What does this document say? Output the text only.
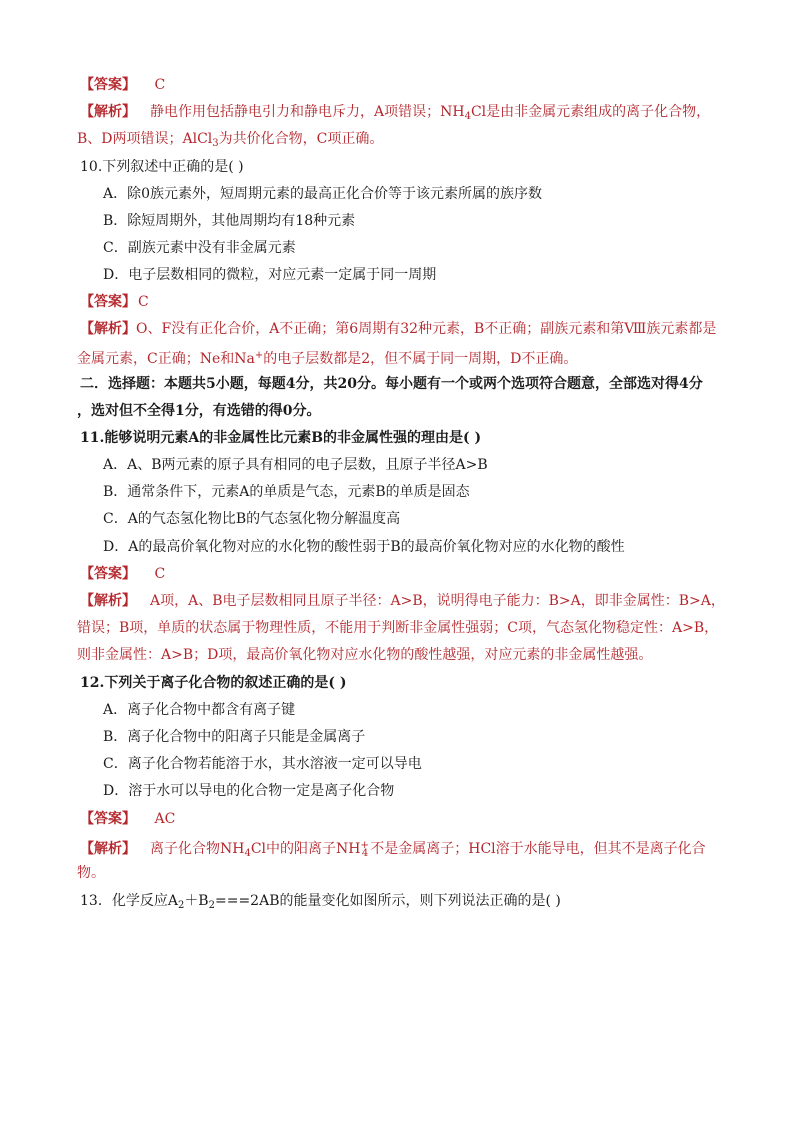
【答案】 C
【解析】 静电作用包括静电引力和静电斥力，A项错误；$NH_4Cl$是由非金属元素组成的离子化合物，
B、D两项错误；AlCl$_3$为共价化合物，C项正确。
10.下列叙述中正确的是( )
A．除0族元素外，短周期元素的最高正化合价等于该元素所属的族序数
B．除短周期外，其他周期均有18种元素
C．副族元素中没有非金属元素
D．电子层数相同的微粒，对应元素一定属于同一周期
【答案】 C
【解析】O、F没有正化合价，A不正确；第6周期有32种元素，B不正确；副族元素和第Ⅷ族元素都是
金属元素，C正确；Ne和Na+的电子层数都是2，但不属于同一周期，D不正确。
二．选择题：本题共5小题，每题4分，共20分。每小题有一个或两个选项符合题意，全部选对得4分
，选对但不全得1分，有选错的得0分。
11.能够说明元素A的非金属性比元素B的非金属性强的理由是( )
A．A、B两元素的原子具有相同的电子层数，且原子半径A>B
B．通常条件下，元素A的单质是气态，元素B的单质是固态
C．A的气态氢化物比B的气态氢化物分解温度高
D．A的最高价氧化物对应的水化物的酸性弱于B的最高价氧化物对应的水化物的酸性
【答案】 C
【解析】 A项，A、B电子层数相同且原子半径：A>B，说明得电子能力：B>A，即非金属性：B>A，
错误；B项，单质的状态属于物理性质，不能用于判断非金属性强弱；C项，气态氢化物稳定性：A>B，
则非金属性：A>B；D项，最高价氧化物对应水化物的酸性越强，对应元素的非金属性越强。
12.下列关于离子化合物的叙述正确的是( )
A．离子化合物中都含有离子键
B．离子化合物中的阳离子只能是金属离子
C．离子化合物若能溶于水，其水溶液一定可以导电
D．溶于水可以导电的化合物一定是离子化合物
【答案】 AC
【解析】 离子化合物$NH_4Cl$中的阳离子$NH^+_4$ 不是金属离子；HCl溶于水能导电，但其不是离子化合
物。
13．化学反应$A_2+B_2===2AB$的能量变化如图所示，则下列说法正确的是( )
